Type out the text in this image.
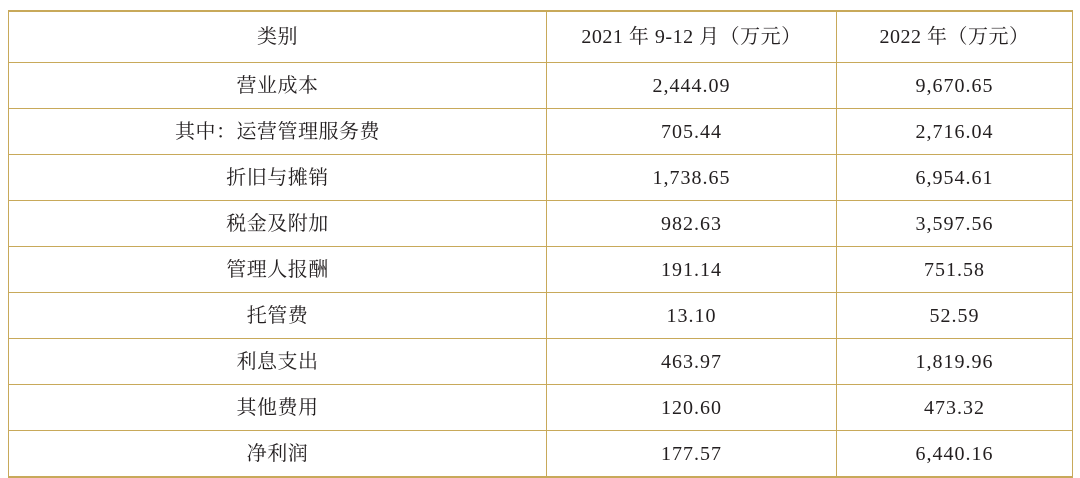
类别	2021 年 9-12 月（万元）	2022 年（万元）
营业成本	2,444.09	9,670.65
其中：运营管理服务费	705.44	2,716.04
折旧与摊销	1,738.65	6,954.61
税金及附加	982.63	3,597.56
管理人报酬	191.14	751.58
托管费	13.10	52.59
利息支出	463.97	1,819.96
其他费用	120.60	473.32
净利润	177.57	6,440.16
